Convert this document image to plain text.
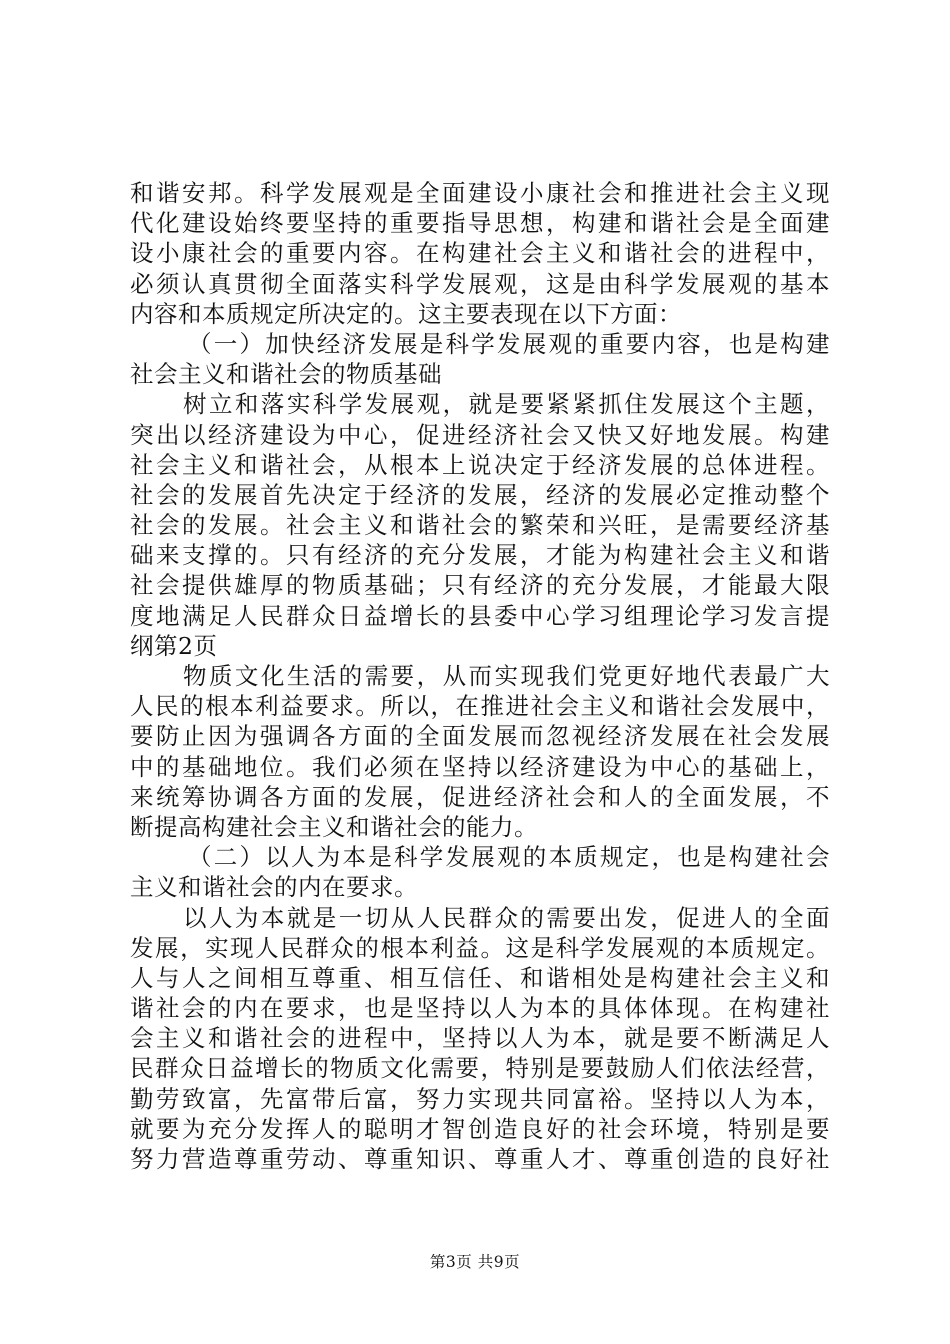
和谐安邦。科学发展观是全面建设小康社会和推进社会主义现
代化建设始终要坚持的重要指导思想，构建和谐社会是全面建
设小康社会的重要内容。在构建社会主义和谐社会的进程中，
必须认真贯彻全面落实科学发展观，这是由科学发展观的基本
内容和本质规定所决定的。这主要表现在以下方面：
（一）加快经济发展是科学发展观的重要内容，也是构建
社会主义和谐社会的物质基础
树立和落实科学发展观，就是要紧紧抓住发展这个主题，
突出以经济建设为中心，促进经济社会又快又好地发展。构建
社会主义和谐社会，从根本上说决定于经济发展的总体进程。
社会的发展首先决定于经济的发展，经济的发展必定推动整个
社会的发展。社会主义和谐社会的繁荣和兴旺，是需要经济基
础来支撑的。只有经济的充分发展，才能为构建社会主义和谐
社会提供雄厚的物质基础；只有经济的充分发展，才能最大限
度地满足人民群众日益增长的县委中心学习组理论学习发言提
纲第2页
物质文化生活的需要，从而实现我们党更好地代表最广大
人民的根本利益要求。所以，在推进社会主义和谐社会发展中，
要防止因为强调各方面的全面发展而忽视经济发展在社会发展
中的基础地位。我们必须在坚持以经济建设为中心的基础上，
来统筹协调各方面的发展，促进经济社会和人的全面发展，不
断提高构建社会主义和谐社会的能力。
（二）以人为本是科学发展观的本质规定，也是构建社会
主义和谐社会的内在要求。
以人为本就是一切从人民群众的需要出发，促进人的全面
发展，实现人民群众的根本利益。这是科学发展观的本质规定。
人与人之间相互尊重、相互信任、和谐相处是构建社会主义和
谐社会的内在要求，也是坚持以人为本的具体体现。在构建社
会主义和谐社会的进程中，坚持以人为本，就是要不断满足人
民群众日益增长的物质文化需要，特别是要鼓励人们依法经营，
勤劳致富，先富带后富，努力实现共同富裕。坚持以人为本，
就要为充分发挥人的聪明才智创造良好的社会环境，特别是要
努力营造尊重劳动、尊重知识、尊重人才、尊重创造的良好社
第3页 共9页
